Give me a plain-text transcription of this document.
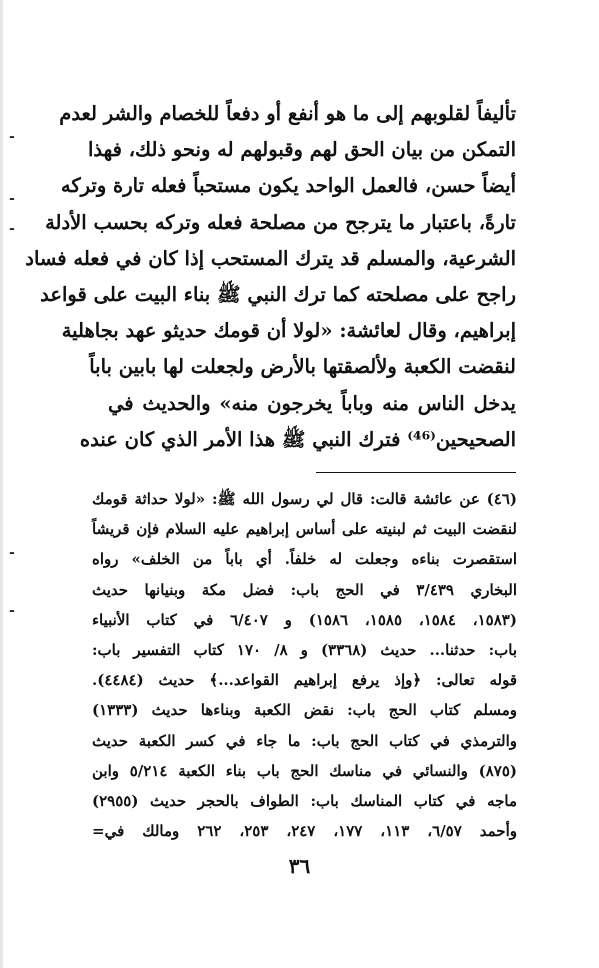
-
-
-
-
-
تأليفاً لقلوبهم إلى ما هو أنفع أو دفعاً للخصام والشر لعدم
التمكن من بيان الحق لهم وقبولهم له ونحو ذلك، فهذا
أيضاً حسن، فالعمل الواحد يكون مستحباً فعله تارة وتركه
تارةً، باعتبار ما يترجح من مصلحة فعله وتركه بحسب الأدلة
الشرعية، والمسلم قد يترك المستحب إذا كان في فعله فساد
راجح على مصلحته كما ترك النبي ﷺ بناء البيت على قواعد
إبراهيم، وقال لعائشة: «لولا أن قومك حديثو عهد بجاهلية
لنقضت الكعبة ولألصقتها بالأرض ولجعلت لها بابين باباً
يدخل الناس منه وباباً يخرجون منه» والحديث في
الصحيحين⁽⁴⁶⁾ فترك النبي ﷺ هذا الأمر الذي كان عنده
(٤٦) عن عائشة قالت: قال لي رسول الله ﷺ: «لولا حداثة قومك
لنقضت البيت ثم لبنيته على أساس إبراهيم عليه السلام فإن قريشاً
استقصرت بناءه وجعلت له خلفاً. أي باباً من الخلف» رواه
البخاري ٣/٤٣٩ في الحج باب: فضل مكة وبنيانها حديث
(١٥٨٣، ١٥٨٤، ١٥٨٥، ١٥٨٦) و ٦/٤٠٧ في كتاب الأنبياء
باب: حدثنا... حديث (٣٣٦٨) و ٨/ ١٧٠ كتاب التفسير باب:
قوله تعالى: ﴿وإذ يرفع إبراهيم القواعد...﴾ حديث (٤٤٨٤).
ومسلم كتاب الحج باب: نقض الكعبة وبناءها حديث (١٣٣٣)
والترمذي في كتاب الحج باب: ما جاء في كسر الكعبة حديث
(٨٧٥) والنسائي في مناسك الحج باب بناء الكعبة ٥/٢١٤ وابن
ماجه في كتاب المناسك باب: الطواف بالحجر حديث (٢٩٥٥)
وأحمد ٦/٥٧، ١١٣، ١٧٧، ٢٤٧، ٢٥٣، ٢٦٢ ومالك في=
٣٦
